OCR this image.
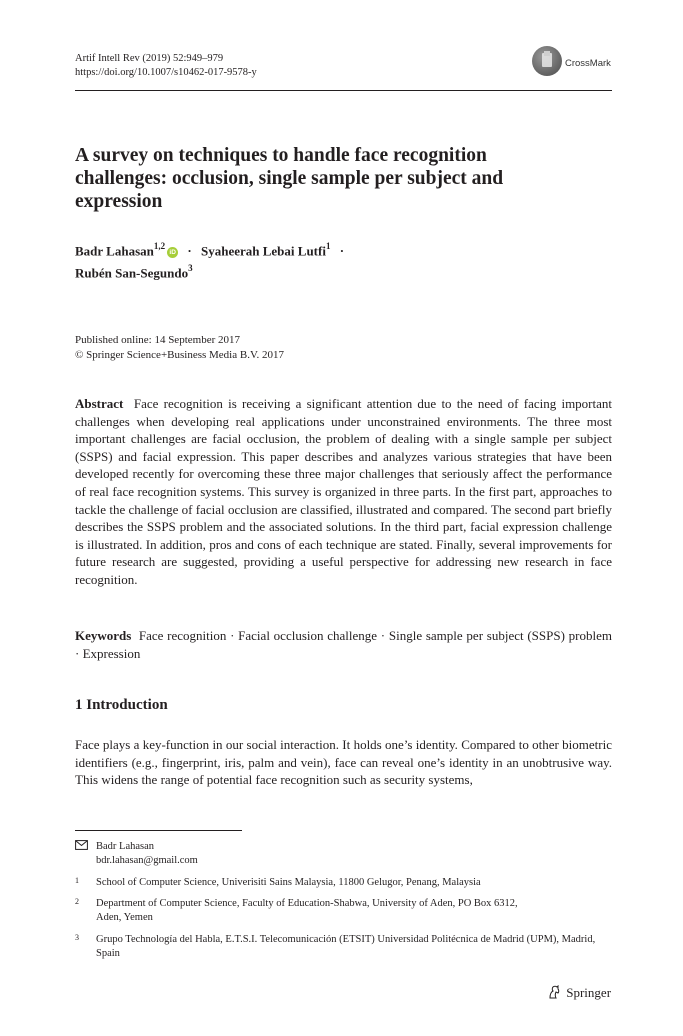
Artif Intell Rev (2019) 52:949–979
https://doi.org/10.1007/s10462-017-9578-y
CrossMark
A survey on techniques to handle face recognition challenges: occlusion, single sample per subject and expression
Badr Lahasan$^{1,2}$iD · Syaheerah Lebai Lutfi$^1$ ·
Rubén San-Segundo$^3$
Published online: 14 September 2017
© Springer Science+Business Media B.V. 2017
Abstract Face recognition is receiving a significant attention due to the need of facing important challenges when developing real applications under unconstrained environments. The three most important challenges are facial occlusion, the problem of dealing with a single sample per subject (SSPS) and facial expression. This paper describes and analyzes various strategies that have been developed recently for overcoming these three major challenges that seriously affect the performance of real face recognition systems. This survey is organized in three parts. In the first part, approaches to tackle the challenge of facial occlusion are classified, illustrated and compared. The second part briefly describes the SSPS problem and the associated solutions. In the third part, facial expression challenge is illustrated. In addition, pros and cons of each technique are stated. Finally, several improvements for future research are suggested, providing a useful perspective for addressing new research in face recognition.
Keywords Face recognition · Facial occlusion challenge · Single sample per subject (SSPS) problem · Expression
1 Introduction
Face plays a key-function in our social interaction. It holds one’s identity. Compared to other biometric identifiers (e.g., fingerprint, iris, palm and vein), face can reveal one’s identity in an unobtrusive way. This widens the range of potential face recognition such as security systems,
Badr Lahasan
bdr.lahasan@gmail.com
1	School of Computer Science, Univerisiti Sains Malaysia, 11800 Gelugor, Penang, Malaysia
2	Department of Computer Science, Faculty of Education-Shabwa, University of Aden, PO Box 6312, Aden, Yemen
3	Grupo Technología del Habla, E.T.S.I. Telecomunicación (ETSIT) Universidad Politécnica de Madrid (UPM), Madrid, Spain
Springer
